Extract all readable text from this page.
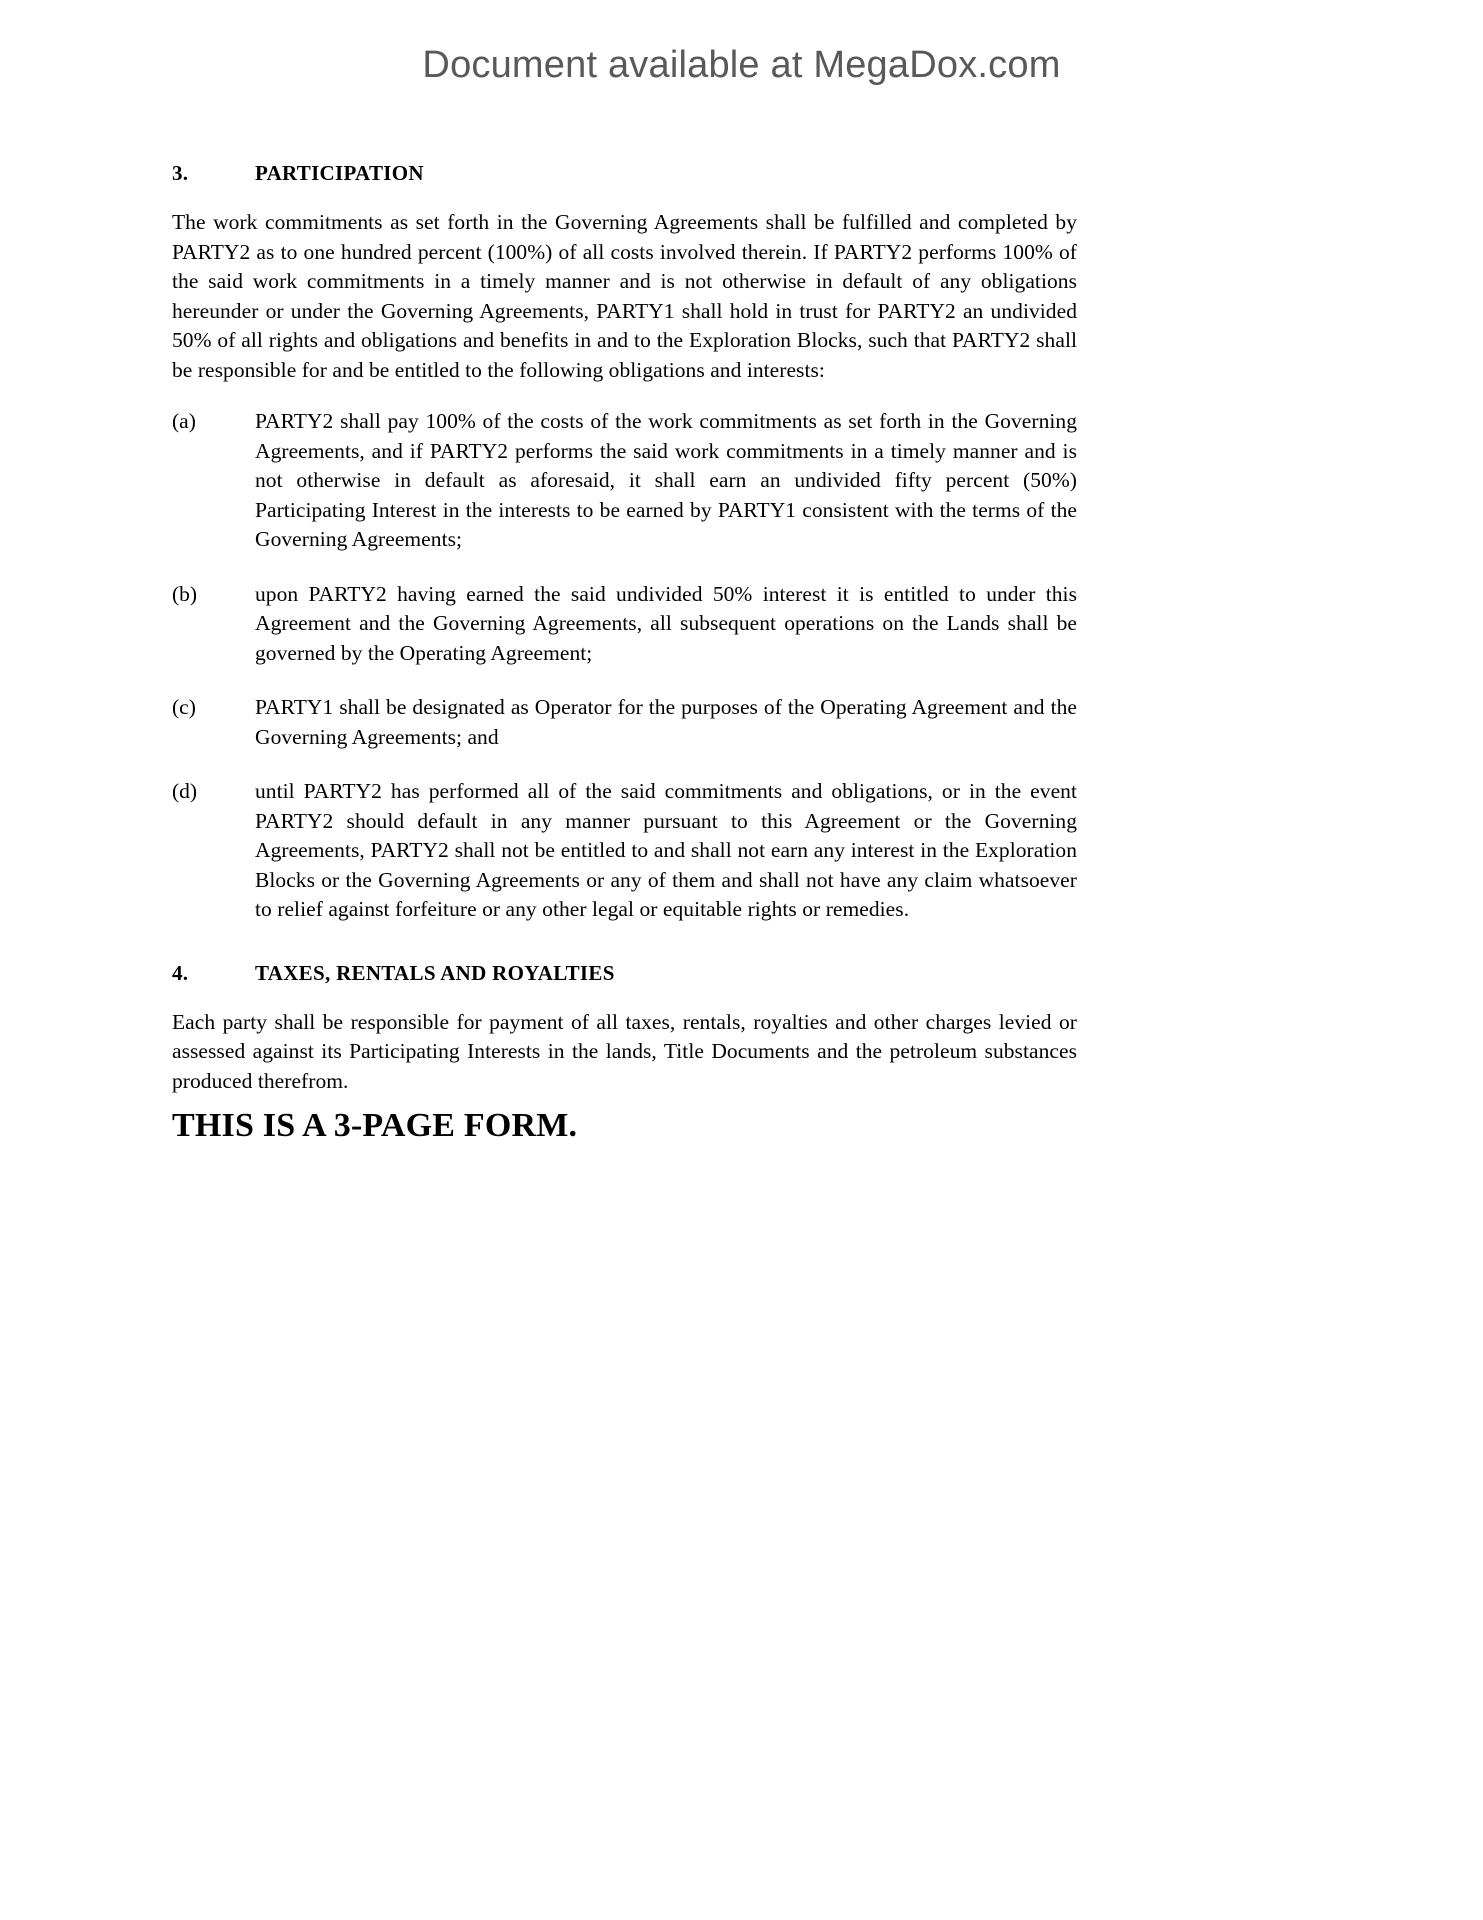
Document available at MegaDox.com
3.	PARTICIPATION

The work commitments as set forth in the Governing Agreements shall be fulfilled and completed by PARTY2 as to one hundred percent (100%) of all costs involved therein. If PARTY2 performs 100% of the said work commitments in a timely manner and is not otherwise in default of any obligations hereunder or under the Governing Agreements, PARTY1 shall hold in trust for PARTY2 an undivided 50% of all rights and obligations and benefits in and to the Exploration Blocks, such that PARTY2 shall be responsible for and be entitled to the following obligations and interests:

(a)	PARTY2 shall pay 100% of the costs of the work commitments as set forth in the Governing Agreements, and if PARTY2 performs the said work commitments in a timely manner and is not otherwise in default as aforesaid, it shall earn an undivided fifty percent (50%) Participating Interest in the interests to be earned by PARTY1 consistent with the terms of the Governing Agreements;
(b)	upon PARTY2 having earned the said undivided 50% interest it is entitled to under this Agreement and the Governing Agreements, all subsequent operations on the Lands shall be governed by the Operating Agreement;
(c)	PARTY1 shall be designated as Operator for the purposes of the Operating Agreement and the Governing Agreements; and
(d)	until PARTY2 has performed all of the said commitments and obligations, or in the event PARTY2 should default in any manner pursuant to this Agreement or the Governing Agreements, PARTY2 shall not be entitled to and shall not earn any interest in the Exploration Blocks or the Governing Agreements or any of them and shall not have any claim whatsoever to relief against forfeiture or any other legal or equitable rights or remedies.
4.	TAXES, RENTALS AND ROYALTIES

Each party shall be responsible for payment of all taxes, rentals, royalties and other charges levied or assessed against its Participating Interests in the lands, Title Documents and the petroleum substances produced therefrom.

THIS IS A 3-PAGE FORM.
